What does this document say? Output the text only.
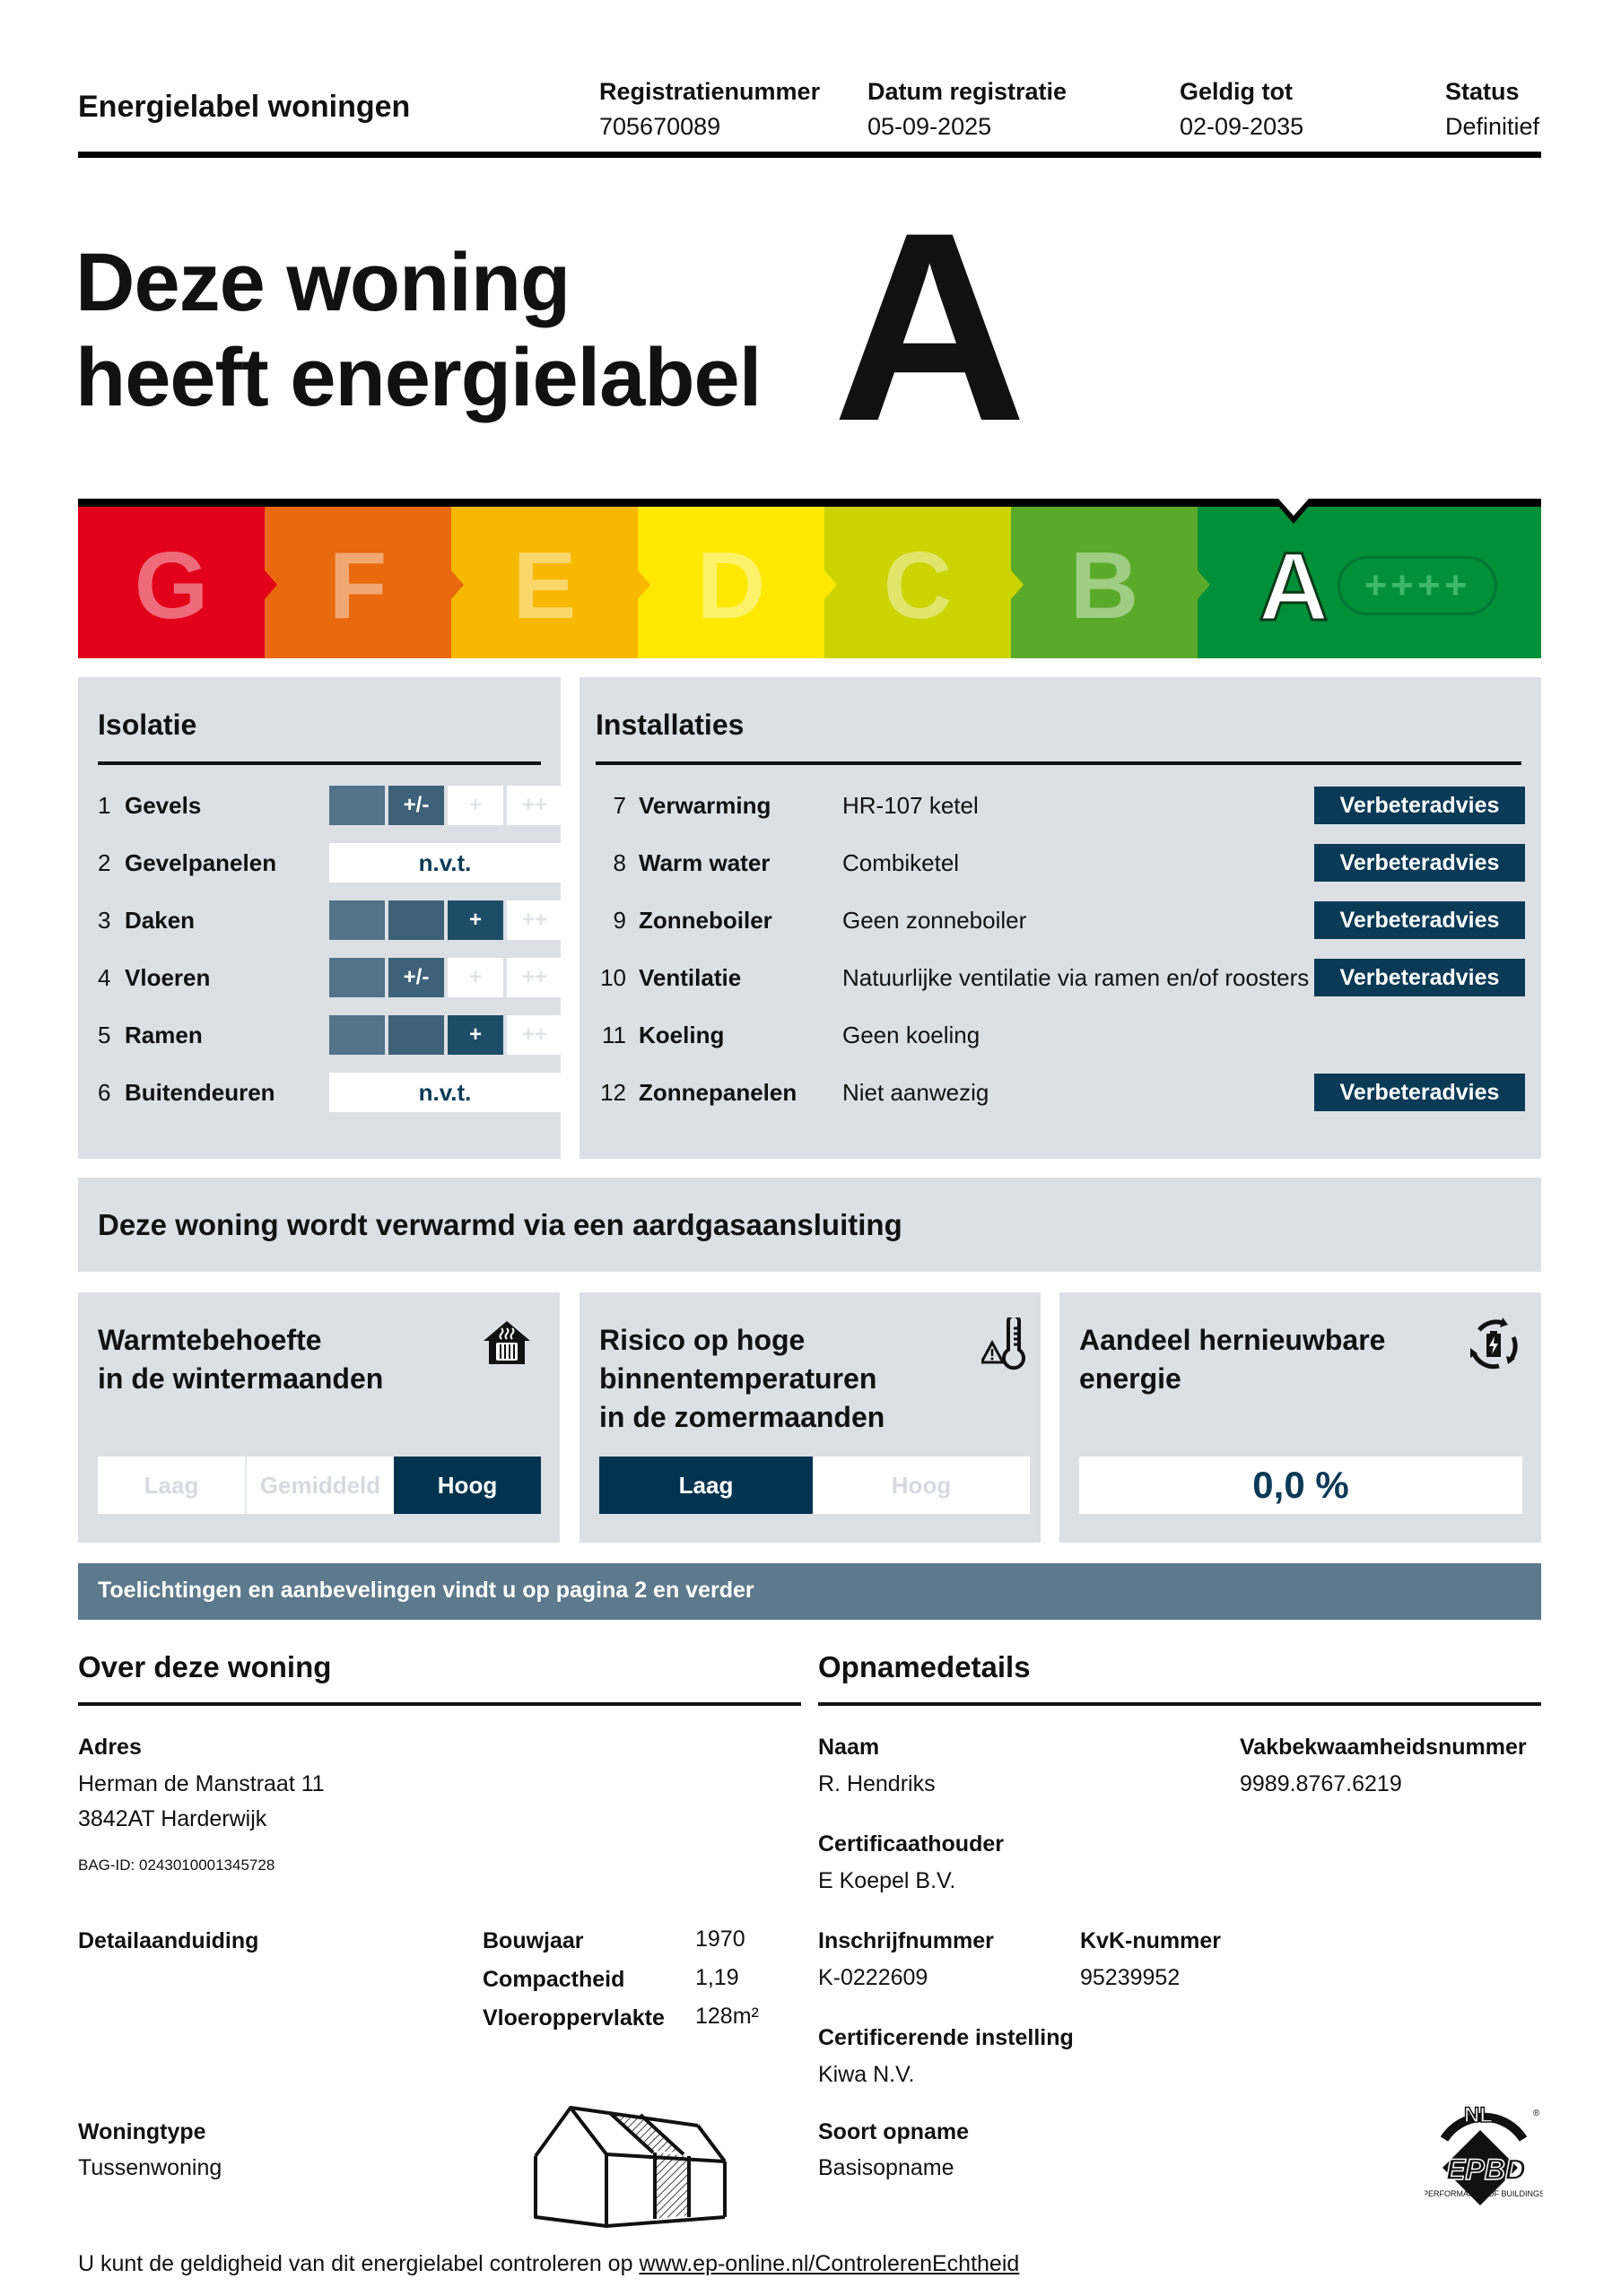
Energielabel woningen	Registratienummer
705670089
Datum registratie
05-09-2025
Geldig tot
02-09-2035
Status
Definitief
Deze woning
heeft energielabel A
G F E D C B A ++++
Isolatie
1 Gevels	+/-	+	++
2 Gevelpanelen	n.v.t.
3 Daken	+	++
4 Vloeren	+/-	+	++
5 Ramen	+	++
6 Buitendeuren	n.v.t.
Installaties
7 Verwarming	HR-107 ketel	Verbeteradvies
8 Warm water	Combiketel	Verbeteradvies
9 Zonneboiler	Geen zonneboiler	Verbeteradvies
10 Ventilatie	Natuurlijke ventilatie via ramen en/of roosters	Verbeteradvies
11 Koeling	Geen koeling
12 Zonnepanelen	Niet aanwezig	Verbeteradvies
Deze woning wordt verwarmd via een aardgasaansluiting
Warmtebehoefte
in de wintermaanden
Laag	Gemiddeld	Hoog
Risico op hoge
binnentemperaturen
in de zomermaanden
Laag	Hoog
Aandeel hernieuwbare
energie
0,0 %
Toelichtingen en aanbevelingen vindt u op pagina 2 en verder
Over deze woning
Adres
Herman de Manstraat 11
3842AT Harderwijk
BAG-ID: 0243010001345728
Detailaanduiding	Bouwjaar	1970
Compactheid	1,19
Vloeroppervlakte 128m²
Woningtype
Tussenwoning
Opnamedetails
Naam
R. Hendriks
Vakbekwaamheidsnummer
9989.8767.6219
Certificaathouder
E Koepel B.V.
Inschrijfnummer
K-0222609
KvK-nummer
95239952
Certificerende instelling
Kiwa N.V.
Soort opname
Basisopname
®
PERFORMANCE OF BUILDINGS
NL
EPBD
U kunt de geldigheid van dit energielabel controleren op www.ep-online.nl/ControlerenEchtheid
